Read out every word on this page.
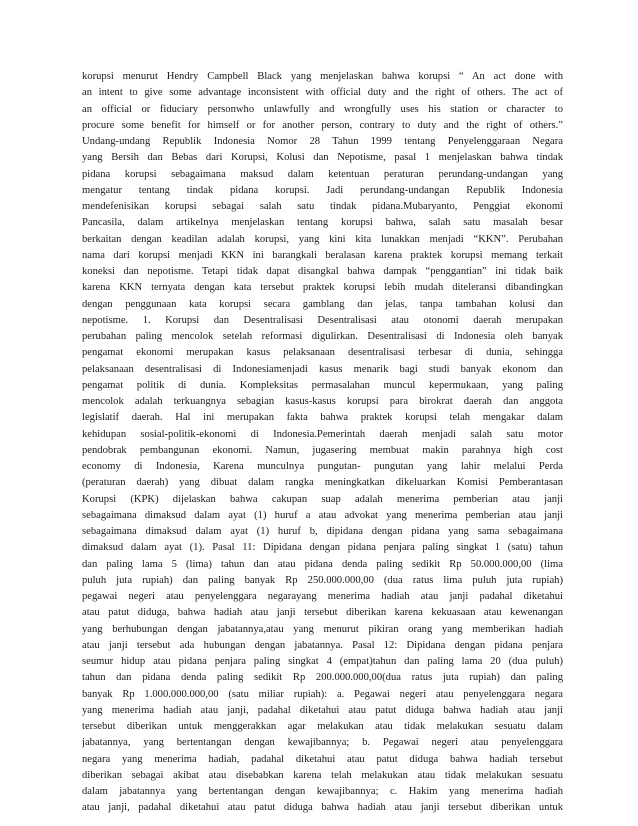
korupsi menurut Hendry Campbell Black yang menjelaskan bahwa korupsi “ An act done with
an intent to give some advantage inconsistent with official duty and the right of others. The act of
an official or fiduciary personwho unlawfully and wrongfully uses his station or character to
procure some benefit for himself or for another person, contrary to duty and the right of others.”
Undang-undang Republik Indonesia Nomor 28 Tahun 1999 tentang Penyelenggaraan Negara
yang Bersih dan Bebas dari Korupsi, Kolusi dan Nepotisme, pasal 1 menjelaskan bahwa tindak
pidana korupsi sebagaimana maksud dalam ketentuan peraturan perundang-undangan yang
mengatur tentang tindak pidana korupsi. Jadi perundang-undangan Republik Indonesia
mendefenisikan korupsi sebagai salah satu tindak pidana.Mubaryanto, Penggiat ekonomi
Pancasila, dalam artikelnya menjelaskan tentang korupsi bahwa, salah satu masalah besar
berkaitan dengan keadilan adalah korupsi, yang kini kita lunakkan menjadi “KKN”. Perubahan
nama dari korupsi menjadi KKN ini barangkali beralasan karena praktek korupsi memang terkait
koneksi dan nepotisme. Tetapi tidak dapat disangkal bahwa dampak “penggantian” ini tidak baik
karena KKN ternyata dengan kata tersebut praktek korupsi lebih mudah diteleransi dibandingkan
dengan penggunaan kata korupsi secara gamblang dan jelas, tanpa tambahan kolusi dan
nepotisme. 1. Korupsi dan Desentralisasi Desentralisasi atau otonomi daerah merupakan
perubahan paling mencolok setelah reformasi digulirkan. Desentralisasi di Indonesia oleh banyak
pengamat ekonomi merupakan kasus pelaksanaan desentralisasi terbesar di dunia, sehingga
pelaksanaan desentralisasi di Indonesiamenjadi kasus menarik bagi studi banyak ekonom dan
pengamat politik di dunia. Kompleksitas permasalahan muncul kepermukaan, yang paling
mencolok adalah terkuangnya sebagian kasus-kasus korupsi para birokrat daerah dan anggota
legislatif daerah. Hal ini merupakan fakta bahwa praktek korupsi telah mengakar dalam
kehidupan sosial-politik-ekonomi di Indonesia.Pemerintah daerah menjadi salah satu motor
pendobrak pembangunan ekonomi. Namun, jugasering membuat makin parahnya high cost
economy di Indonesia, Karena munculnya pungutan- pungutan yang lahir melalui Perda
(peraturan daerah) yang dibuat dalam rangka meningkatkan dikeluarkan Komisi Pemberantasan
Korupsi (KPK) dijelaskan bahwa cakupan suap adalah menerima pemberian atau janji
sebagaimana dimaksud dalam ayat (1) huruf a atau advokat yang menerima pemberian atau janji
sebagaimana dimaksud dalam ayat (1) huruf b, dipidana dengan pidana yang sama sebagaimana
dimaksud dalam ayat (1). Pasal 11: Dipidana dengan pidana penjara paling singkat 1 (satu) tahun
dan paling lama 5 (lima) tahun dan atau pidana denda paling sedikit Rp 50.000.000,00 (lima
puluh juta rupiah) dan paling banyak Rp 250.000.000,00 (dua ratus lima puluh juta rupiah)
pegawai negeri atau penyelenggara negarayang menerima hadiah atau janji padahal diketahui
atau patut diduga, bahwa hadiah atau janji tersebut diberikan karena kekuasaan atau kewenangan
yang berhubungan dengan jabatannya,atau yang menurut pikiran orang yang memberikan hadiah
atau janji tersebut ada hubungan dengan jabatannya. Pasal 12: Dipidana dengan pidana penjara
seumur hidup atau pidana penjara paling singkat 4 (empat)tahun dan paling lama 20 (dua puluh)
tahun dan pidana denda paling sedikit Rp 200.000.000,00(dua ratus juta rupiah) dan paling
banyak Rp 1.000.000.000,00 (satu miliar rupiah): a. Pegawai negeri atau penyelenggara negara
yang menerima hadiah atau janji, padahal diketahui atau patut diduga bahwa hadiah atau janji
tersebut diberikan untuk menggerakkan agar melakukan atau tidak melakukan sesuatu dalam
jabatannya, yang bertentangan dengan kewajibannya; b. Pegawai negeri atau penyelenggara
negara yang menerima hadiah, padahal diketahui atau patut diduga bahwa hadiah tersebut
diberikan sebagai akibat atau disebabkan karena telah melakukan atau tidak melakukan sesuatu
dalam jabatannya yang bertentangan dengan kewajibannya; c. Hakim yang menerima hadiah
atau janji, padahal diketahui atau patut diduga bahwa hadiah atau janji tersebut diberikan untuk
